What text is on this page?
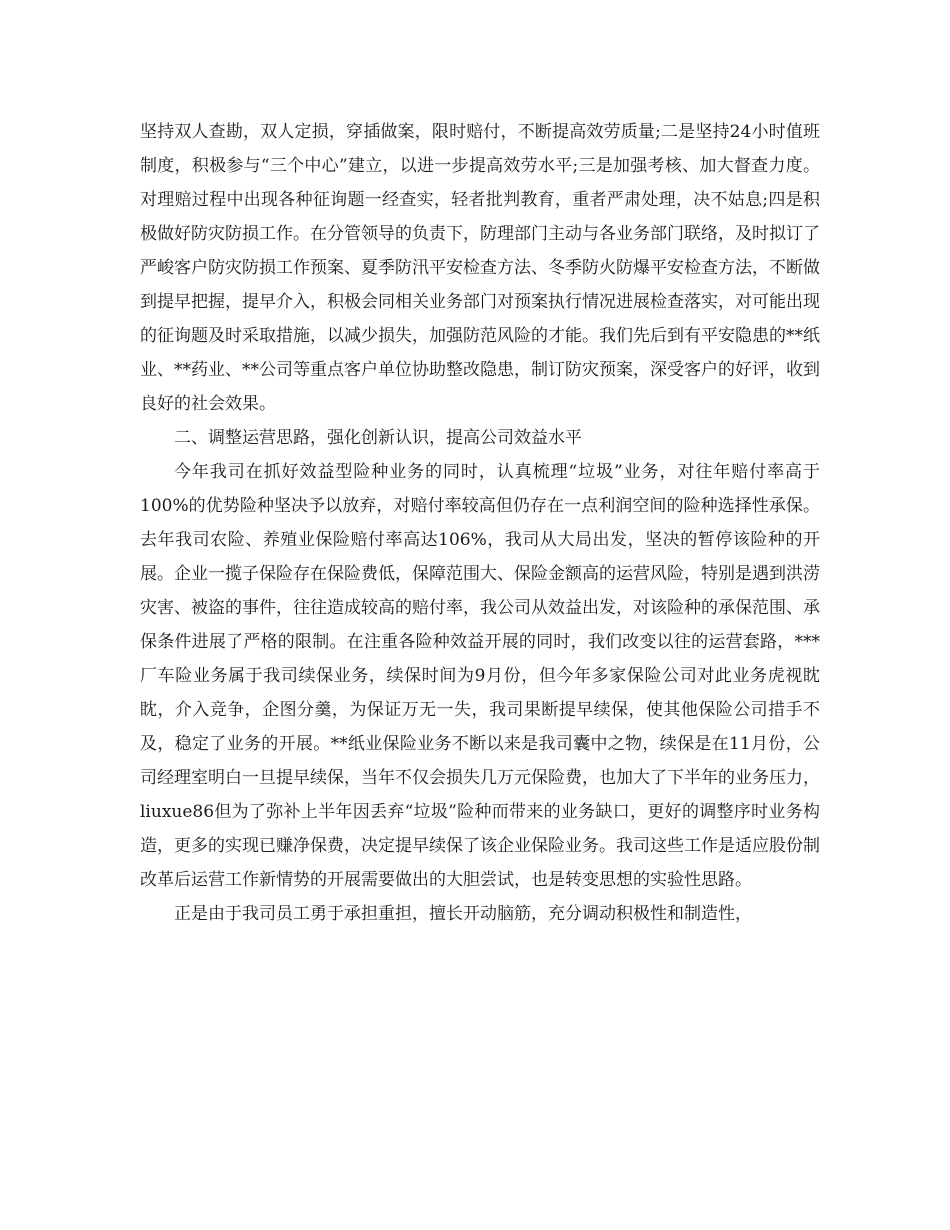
坚持双人查勘，双人定损，穿插做案，限时赔付，不断提高效劳质量;二是坚持24小时值班制度，积极参与“三个中心”建立，以进一步提高效劳水平;三是加强考核、加大督查力度。对理赔过程中出现各种征询题一经查实，轻者批判教育，重者严肃处理，决不姑息;四是积极做好防灾防损工作。在分管领导的负责下，防理部门主动与各业务部门联络，及时拟订了严峻客户防灾防损工作预案、夏季防汛平安检查方法、冬季防火防爆平安检查方法，不断做到提早把握，提早介入，积极会同相关业务部门对预案执行情况进展检查落实，对可能出现的征询题及时采取措施，以减少损失，加强防范风险的才能。我们先后到有平安隐患的**纸业、**药业、**公司等重点客户单位协助整改隐患，制订防灾预案，深受客户的好评，收到良好的社会效果。

二、调整运营思路，强化创新认识，提高公司效益水平

今年我司在抓好效益型险种业务的同时，认真梳理“垃圾”业务，对往年赔付率高于100%的优势险种坚决予以放弃，对赔付率较高但仍存在一点利润空间的险种选择性承保。去年我司农险、养殖业保险赔付率高达106%，我司从大局出发，坚决的暂停该险种的开展。企业一揽子保险存在保险费低，保障范围大、保险金额高的运营风险，特别是遇到洪涝灾害、被盗的事件，往往造成较高的赔付率，我公司从效益出发，对该险种的承保范围、承保条件进展了严格的限制。在注重各险种效益开展的同时，我们改变以往的运营套路，***厂车险业务属于我司续保业务，续保时间为9月份，但今年多家保险公司对此业务虎视眈眈，介入竞争，企图分羹，为保证万无一失，我司果断提早续保，使其他保险公司措手不及，稳定了业务的开展。**纸业保险业务不断以来是我司囊中之物，续保是在11月份，公司经理室明白一旦提早续保，当年不仅会损失几万元保险费，也加大了下半年的业务压力，liuxue86但为了弥补上半年因丢弃“垃圾”险种而带来的业务缺口，更好的调整序时业务构造，更多的实现已赚净保费，决定提早续保了该企业保险业务。我司这些工作是适应股份制改革后运营工作新情势的开展需要做出的大胆尝试，也是转变思想的实验性思路。

正是由于我司员工勇于承担重担，擅长开动脑筋，充分调动积极性和制造性，
